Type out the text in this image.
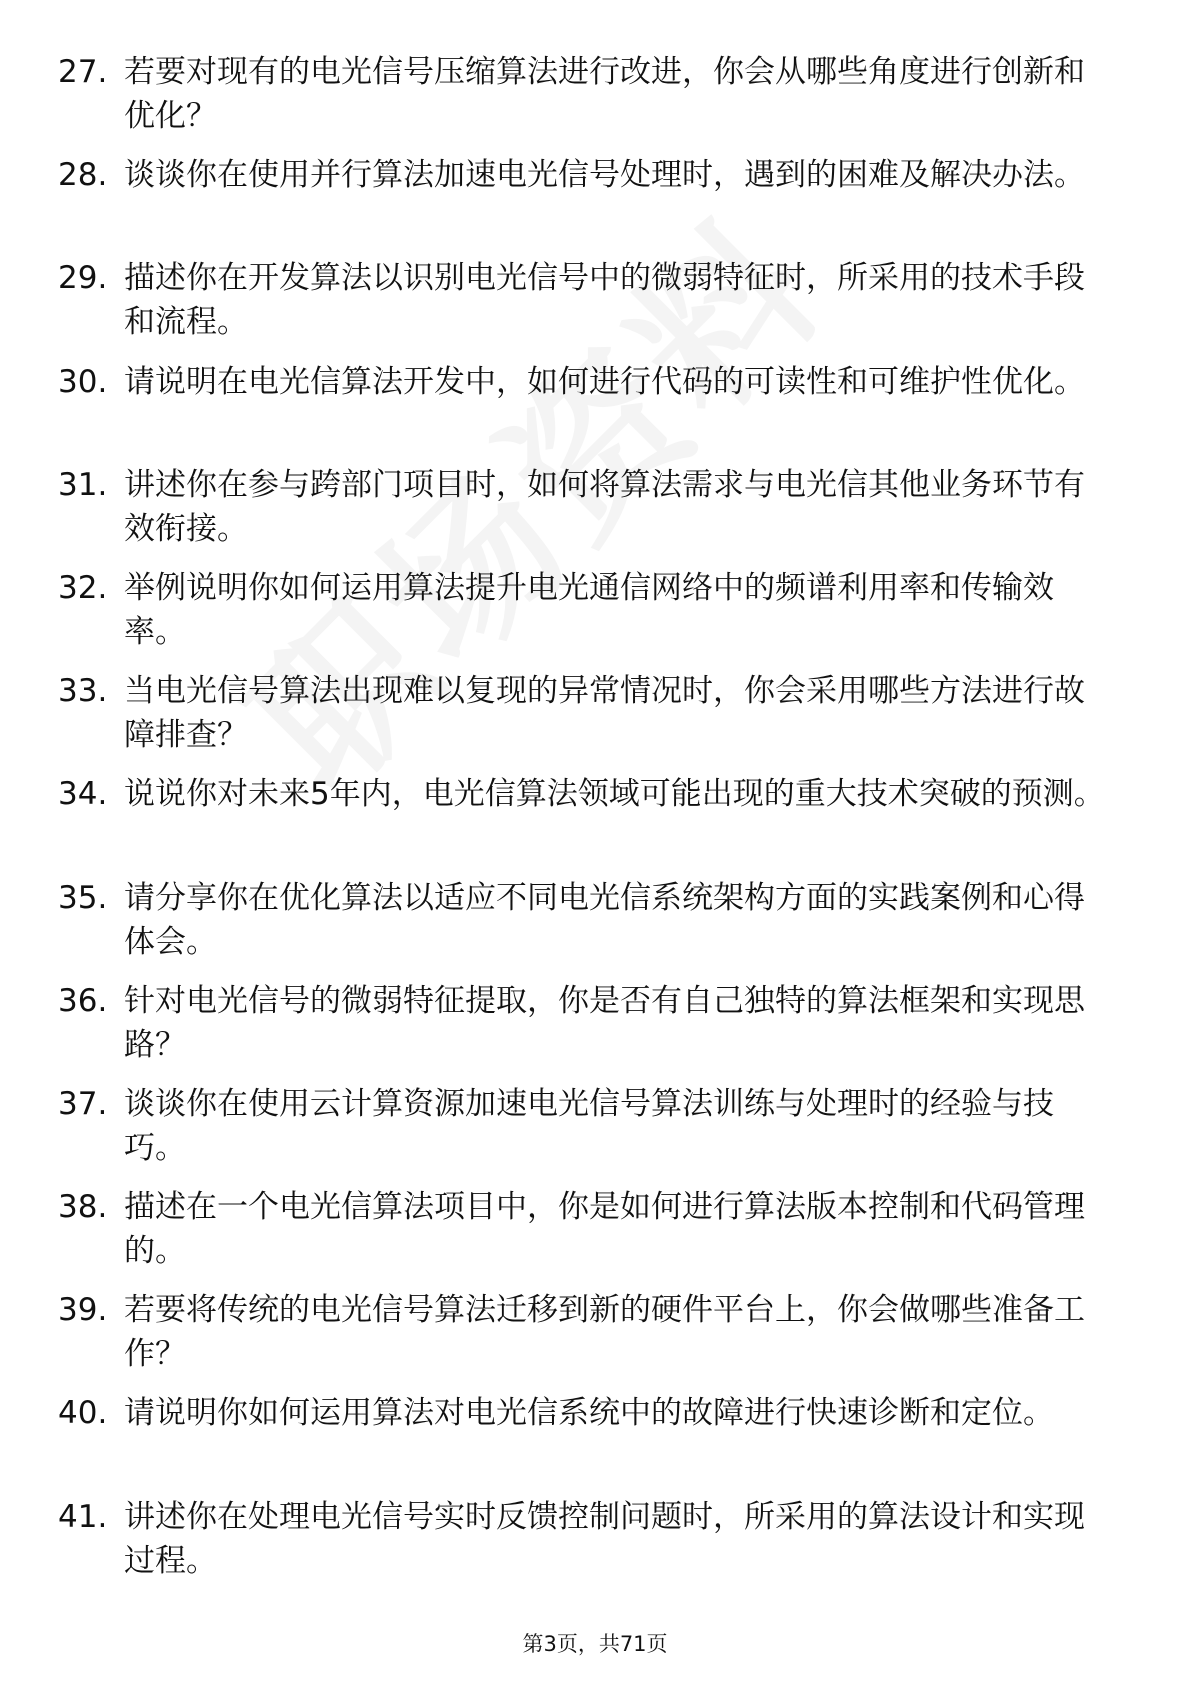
27. 若要对现有的电光信号压缩算法进行改进，你会从哪些角度进行创新和优化？
28. 谈谈你在使用并行算法加速电光信号处理时，遇到的困难及解决办法。
29. 描述你在开发算法以识别电光信号中的微弱特征时，所采用的技术手段和流程。
30. 请说明在电光信算法开发中，如何进行代码的可读性和可维护性优化。
31. 讲述你在参与跨部门项目时，如何将算法需求与电光信其他业务环节有效衔接。
32. 举例说明你如何运用算法提升电光通信网络中的频谱利用率和传输效率。
33. 当电光信号算法出现难以复现的异常情况时，你会采用哪些方法进行故障排查？
34. 说说你对未来5年内，电光信算法领域可能出现的重大技术突破的预测。
35. 请分享你在优化算法以适应不同电光信系统架构方面的实践案例和心得体会。
36. 针对电光信号的微弱特征提取，你是否有自己独特的算法框架和实现思路？
37. 谈谈你在使用云计算资源加速电光信号算法训练与处理时的经验与技巧。
38. 描述在一个电光信算法项目中，你是如何进行算法版本控制和代码管理的。
39. 若要将传统的电光信号算法迁移到新的硬件平台上，你会做哪些准备工作？
40. 请说明你如何运用算法对电光信系统中的故障进行快速诊断和定位。
41. 讲述你在处理电光信号实时反馈控制问题时，所采用的算法设计和实现过程。
第3页，共71页
